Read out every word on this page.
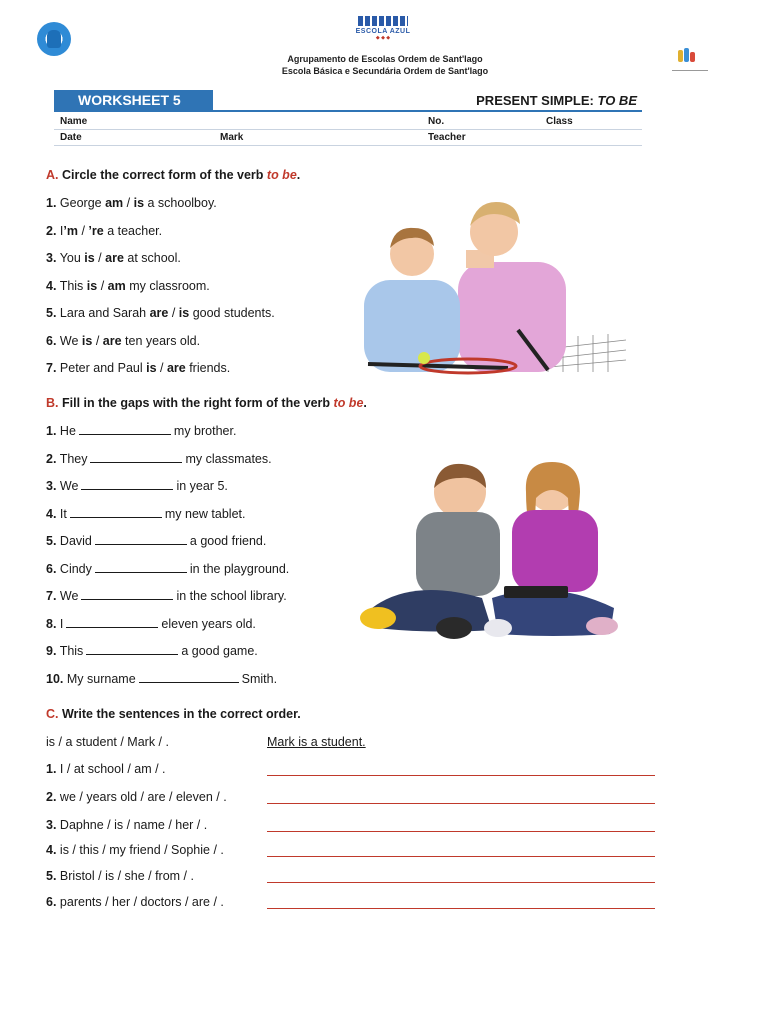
ESCOLA AZUL
◆ ◆ ◆
Agrupamento de Escolas Ordem de Sant'Iago
Escola Básica e Secundária Ordem de Sant'Iago
WORKSHEET 5	PRESENT SIMPLE: TO BE
Name	No.	Class
Date	Mark	Teacher
A. Circle the correct form of the verb to be.
B. Fill in the gaps with the right form of the verb to be.
C. Write the sentences in the correct order.
is / a student / Mark / .	Mark is a student.
1. George am / is a schoolboy.
2. I’m / ’re a teacher.
3. You is / are at school.
4. This is / am my classroom.
5. Lara and Sarah are / is good students.
6. We is / are ten years old.
7. Peter and Paul is / are friends.
1. He	my brother.
2. They	my classmates.
3. We	in year 5.
4. It	my new tablet.
5. David	a good friend.
6. Cindy	in the playground.
7. We	in the school library.
8. I	eleven years old.
9. This	a good game.
10. My surname	Smith.
1. I / at school / am / .
2. we / years old / are / eleven / .
3. Daphne / is / name / her / .
4. is / this / my friend / Sophie / .
5. Bristol / is / she / from / .
6. parents / her / doctors / are / .
